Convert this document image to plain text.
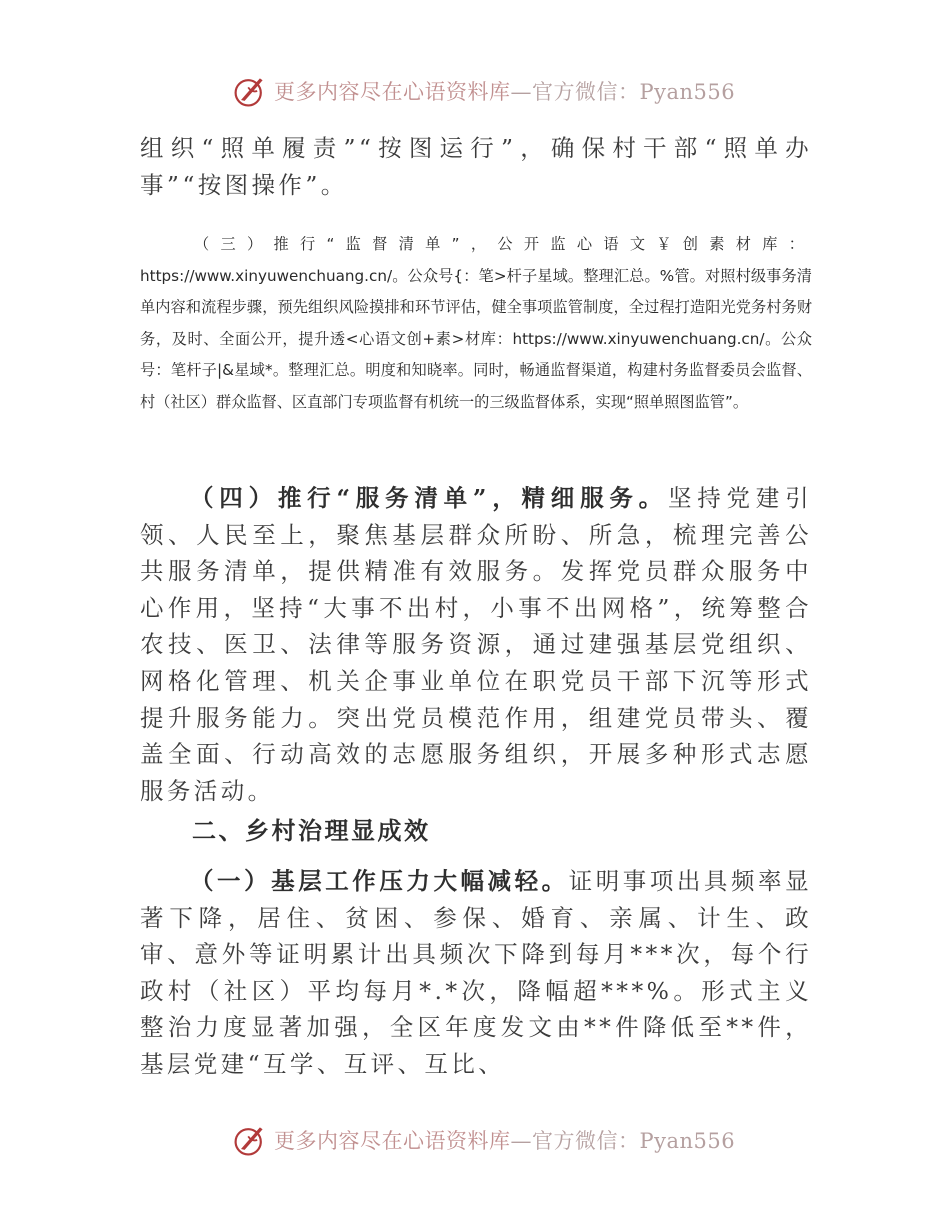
更多内容尽在心语资料库—官方微信：Pyan556

组织“照单履责”“按图运行”，确保村干部“照单办事”“按图操作”。

（三）推行“监督清单”，公开监心语文￥创素材库：https://www.xinyuwenchuang.cn/。公众号{：笔>杆子星域。整理汇总。%管。对照村级事务清单内容和流程步骤，预先组织风险摸排和环节评估，健全事项监管制度，全过程打造阳光党务村务财务，及时、全面公开，提升透<心语文创+素>材库：https://www.xinyuwenchuang.cn/。公众号：笔杆子|&星域*。整理汇总。明度和知晓率。同时，畅通监督渠道，构建村务监督委员会监督、村（社区）群众监督、区直部门专项监督有机统一的三级监督体系，实现“照单照图监管”。

（四）推行“服务清单”，精细服务。坚持党建引领、人民至上，聚焦基层群众所盼、所急，梳理完善公共服务清单，提供精准有效服务。发挥党员群众服务中心作用，坚持“大事不出村，小事不出网格”，统筹整合农技、医卫、法律等服务资源，通过建强基层党组织、网格化管理、机关企事业单位在职党员干部下沉等形式提升服务能力。突出党员模范作用，组建党员带头、覆盖全面、行动高效的志愿服务组织，开展多种形式志愿服务活动。

二、乡村治理显成效

（一）基层工作压力大幅减轻。证明事项出具频率显著下降，居住、贫困、参保、婚育、亲属、计生、政审、意外等证明累计出具频次下降到每月***次，每个行政村（社区）平均每月*.*次，降幅超***%。形式主义整治力度显著加强，全区年度发文由**件降低至**件，基层党建“互学、互评、互比、

更多内容尽在心语资料库—官方微信：Pyan556
